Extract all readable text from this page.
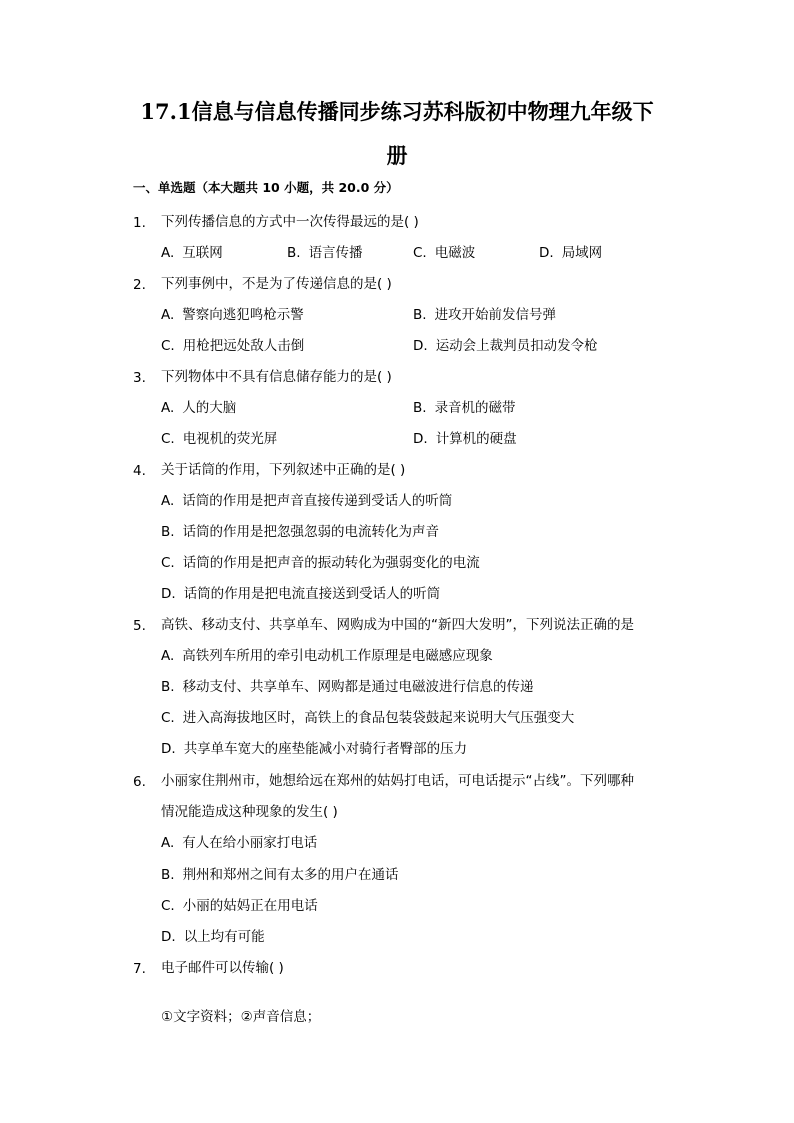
17.1信息与信息传播同步练习苏科版初中物理九年级下
册
一、单选题（本大题共 10 小题，共 20.0 分）
1. 下列传播信息的方式中一次传得最远的是( )
A. 互联网	B. 语言传播	C. 电磁波	D. 局域网
2. 下列事例中，不是为了传递信息的是( )
A. 警察向逃犯鸣枪示警	B. 进攻开始前发信号弹
C. 用枪把远处敌人击倒	D. 运动会上裁判员扣动发令枪
3. 下列物体中不具有信息储存能力的是( )
A. 人的大脑	B. 录音机的磁带
C. 电视机的荧光屏	D. 计算机的硬盘
4. 关于话筒的作用，下列叙述中正确的是( )
A. 话筒的作用是把声音直接传递到受话人的听筒
B. 话筒的作用是把忽强忽弱的电流转化为声音
C. 话筒的作用是把声音的振动转化为强弱变化的电流
D. 话筒的作用是把电流直接送到受话人的听筒
5. 高铁、移动支付、共享单车、网购成为中国的“新四大发明”，下列说法正确的是
A. 高铁列车所用的牵引电动机工作原理是电磁感应现象
B. 移动支付、共享单车、网购都是通过电磁波进行信息的传递
C. 进入高海拔地区时，高铁上的食品包装袋鼓起来说明大气压强变大
D. 共享单车宽大的座垫能减小对骑行者臀部的压力
6. 小丽家住荆州市，她想给远在郑州的姑妈打电话，可电话提示“占线”。下列哪种
情况能造成这种现象的发生( )
A. 有人在给小丽家打电话
B. 荆州和郑州之间有太多的用户在通话
C. 小丽的姑妈正在用电话
D. 以上均有可能
7. 电子邮件可以传输( )
①文字资料；②声音信息；
